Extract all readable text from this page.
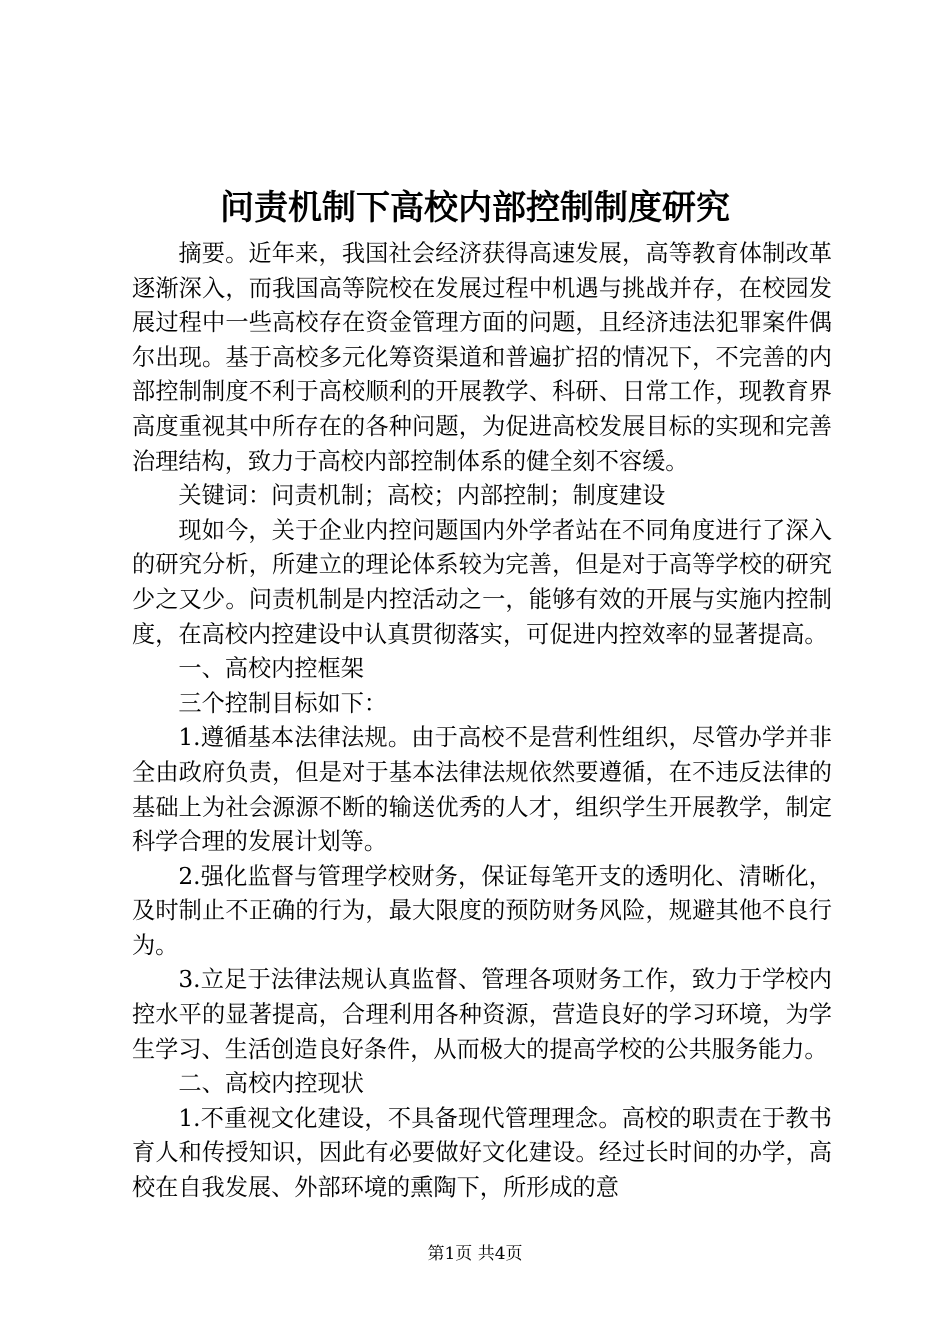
问责机制下高校内部控制制度研究

摘要。近年来，我国社会经济获得高速发展，高等教育体制改革逐渐深入，而我国高等院校在发展过程中机遇与挑战并存，在校园发展过程中一些高校存在资金管理方面的问题，且经济违法犯罪案件偶尔出现。基于高校多元化筹资渠道和普遍扩招的情况下，不完善的内部控制制度不利于高校顺利的开展教学、科研、日常工作，现教育界高度重视其中所存在的各种问题，为促进高校发展目标的实现和完善治理结构，致力于高校内部控制体系的健全刻不容缓。

关键词：问责机制；高校；内部控制；制度建设

现如今，关于企业内控问题国内外学者站在不同角度进行了深入的研究分析，所建立的理论体系较为完善，但是对于高等学校的研究少之又少。问责机制是内控活动之一，能够有效的开展与实施内控制度，在高校内控建设中认真贯彻落实，可促进内控效率的显著提高。

一、高校内控框架

三个控制目标如下：

1.遵循基本法律法规。由于高校不是营利性组织，尽管办学并非全由政府负责，但是对于基本法律法规依然要遵循，在不违反法律的基础上为社会源源不断的输送优秀的人才，组织学生开展教学，制定科学合理的发展计划等。

2.强化监督与管理学校财务，保证每笔开支的透明化、清晰化，及时制止不正确的行为，最大限度的预防财务风险，规避其他不良行为。

3.立足于法律法规认真监督、管理各项财务工作，致力于学校内控水平的显著提高，合理利用各种资源，营造良好的学习环境，为学生学习、生活创造良好条件，从而极大的提高学校的公共服务能力。

二、高校内控现状

1.不重视文化建设，不具备现代管理理念。高校的职责在于教书育人和传授知识，因此有必要做好文化建设。经过长时间的办学，高校在自我发展、外部环境的熏陶下，所形成的意

第1页 共4页
